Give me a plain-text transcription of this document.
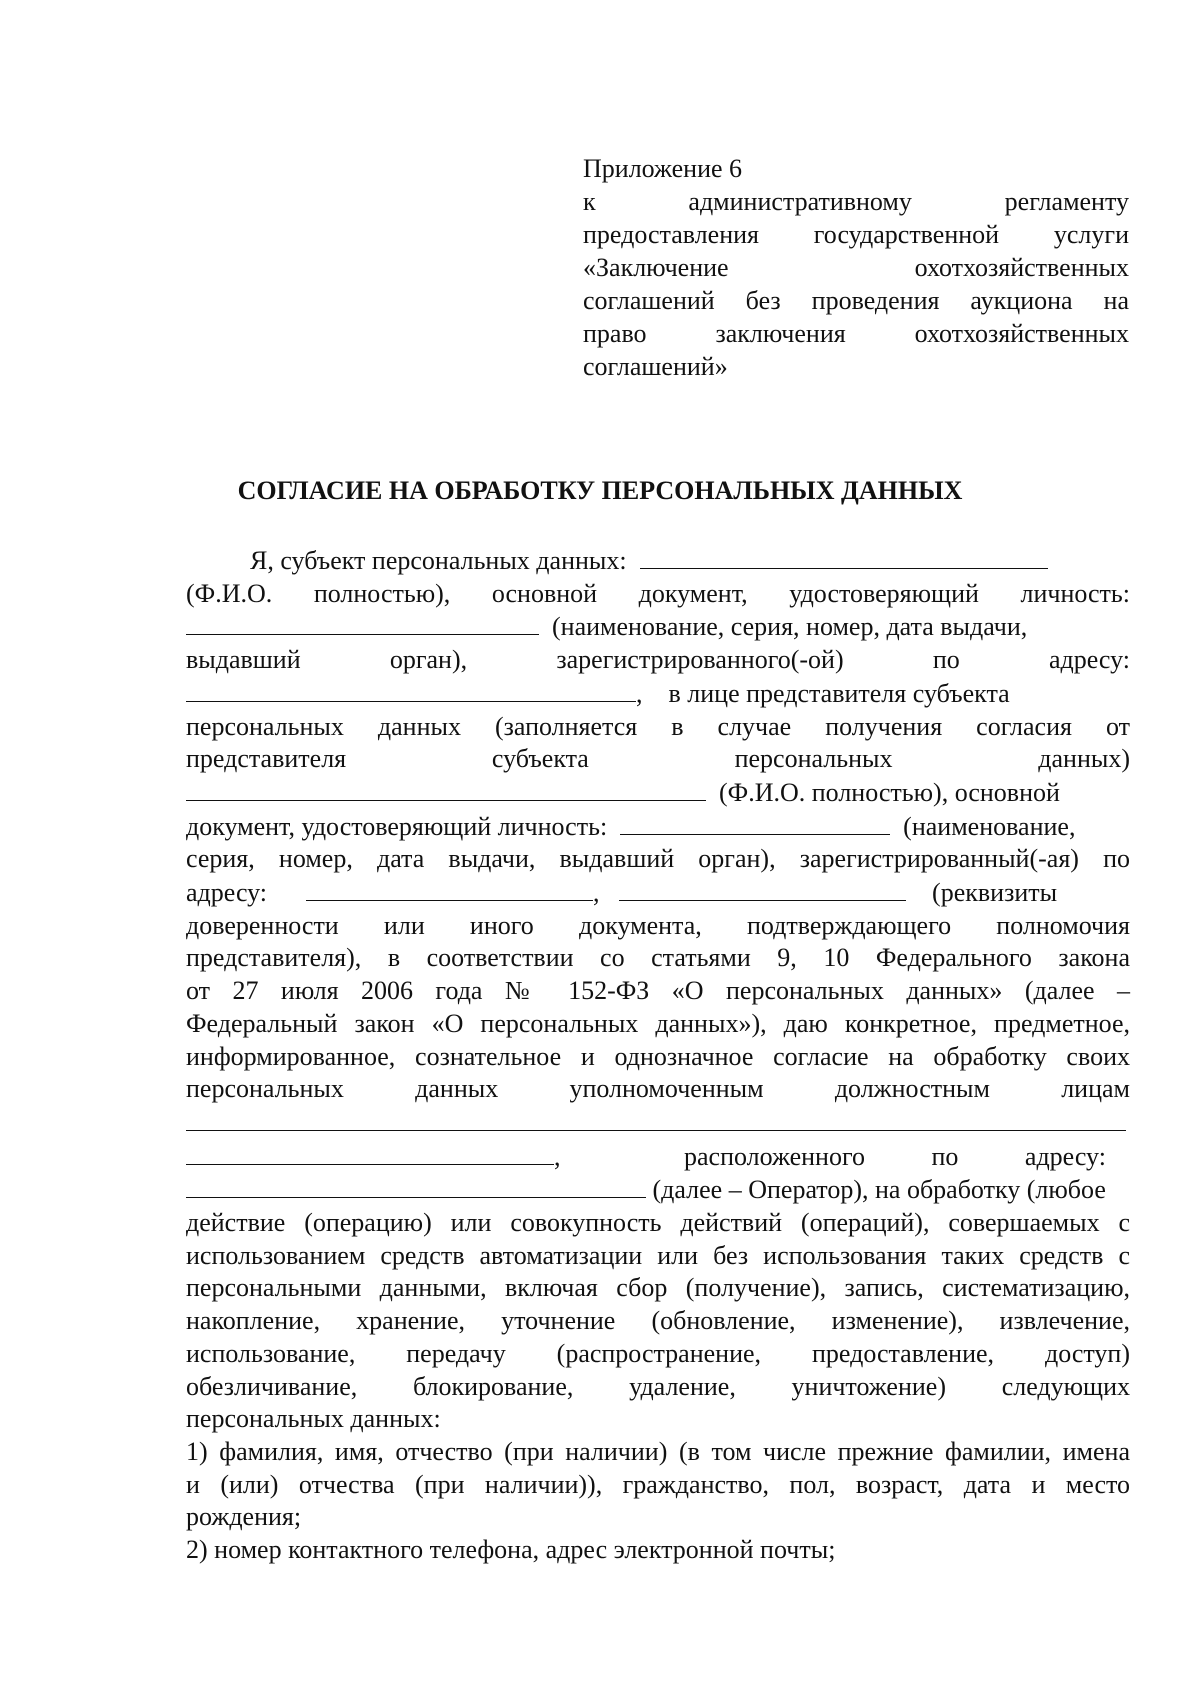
Приложение 6
к административному регламенту
предоставления государственной услуги
«Заключение охотхозяйственных
соглашений без проведения аукциона на
право заключения охотхозяйственных
соглашений»
СОГЛАСИЕ НА ОБРАБОТКУ ПЕРСОНАЛЬНЫХ ДАННЫХ
Я, субъект персональных данных:
(Ф.И.О. полностью), основной документ, удостоверяющий личность:
(наименование, серия, номер, дата выдачи,
выдавший орган), зарегистрированного(-ой) по адресу:
, в лице представителя субъекта
персональных данных (заполняется в случае получения согласия от
представителя субъекта персональных данных)
(Ф.И.О. полностью), основной
документ, удостоверяющий личность:	(наименование,
серия, номер, дата выдачи, выдавший орган), зарегистрированный(-ая) по
адресу:	,	(реквизиты
доверенности или иного документа, подтверждающего полномочия
представителя), в соответствии со статьями 9, 10 Федерального закона
от 27 июля 2006 года № 152-ФЗ «О персональных данных» (далее –
Федеральный закон «О персональных данных»), даю конкретное, предметное,
информированное, сознательное и однозначное согласие на обработку своих
персональных данных уполномоченным должностным лицам
,	расположенного по адресу:
(далее – Оператор), на обработку (любое
действие (операцию) или совокупность действий (операций), совершаемых с
использованием средств автоматизации или без использования таких средств с
персональными данными, включая сбор (получение), запись, систематизацию,
накопление, хранение, уточнение (обновление, изменение), извлечение,
использование, передачу (распространение, предоставление, доступ)
обезличивание, блокирование, удаление, уничтожение) следующих
персональных данных:
1) фамилия, имя, отчество (при наличии) (в том числе прежние фамилии, имена
и (или) отчества (при наличии)), гражданство, пол, возраст, дата и место
рождения;
2) номер контактного телефона, адрес электронной почты;
